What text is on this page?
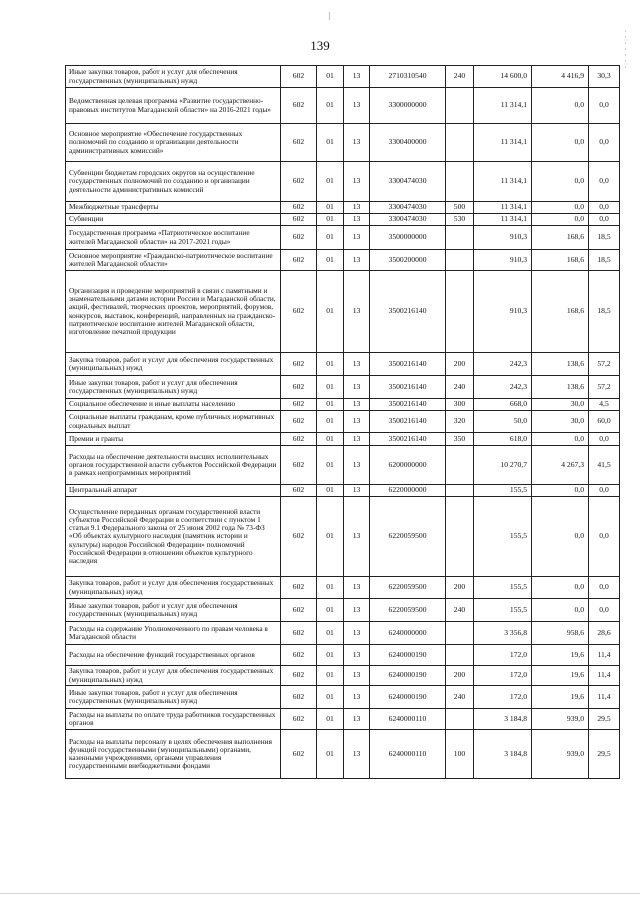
139
Иные закупки товаров, работ и услуг для обеспечения государственных (муниципальных) нужд	602	01	13	2710310540	240	14 600,0	4 416,9	30,3
Ведомственная целевая программа «Развитие государственно-правовых институтов Магаданской области» на 2016-2021 годы»	602	01	13	3300000000		11 314,1	0,0	0,0
Основное мероприятие «Обеспечение государственных полномочий по созданию и организации деятельности административных комиссий»	602	01	13	3300400000		11 314,1	0,0	0,0
Субвенции бюджетам городских округов на осуществление государственных полномочий по созданию и организации деятельности административных комиссий	602	01	13	3300474030		11 314,1	0,0	0,0
Межбюджетные трансферты	602	01	13	3300474030	500	11 314,1	0,0	0,0
Субвенции	602	01	13	3300474030	530	11 314,1	0,0	0,0
Государственная программа «Патриотическое воспитание жителей Магаданской области» на 2017-2021 годы»	602	01	13	3500000000		910,3	168,6	18,5
Основное мероприятие «Гражданско-патриотическое воспитание жителей Магаданской области»	602	01	13	3500200000		910,3	168,6	18,5
Организация и проведение мероприятий в связи с памятными и знаменательными датами истории России и Магаданской области, акций, фестивалей, творческих проектов, мероприятий, форумов, конкурсов, выставок, конференций, направленных на гражданско-патриотическое воспитание жителей Магаданской области, изготовление печатной продукции	602	01	13	3500216140		910,3	168,6	18,5
Закупка товаров, работ и услуг для обеспечения государственных (муниципальных) нужд	602	01	13	3500216140	200	242,3	138,6	57,2
Иные закупки товаров, работ и услуг для обеспечения государственных (муниципальных) нужд	602	01	13	3500216140	240	242,3	138,6	57,2
Социальное обеспечение и иные выплаты населению	602	01	13	3500216140	300	668,0	30,0	4,5
Социальные выплаты гражданам, кроме публичных нормативных социальных выплат	602	01	13	3500216140	320	50,0	30,0	60,0
Премии и гранты	602	01	13	3500216140	350	618,0	0,0	0,0
Расходы на обеспечение деятельности высших исполнительных органов государственной власти субъектов Российской Федерации в рамках непрограммных мероприятий	602	01	13	6200000000		10 270,7	4 267,3	41,5
Центральный аппарат	602	01	13	6220000000		155,5	0,0	0,0
Осуществление переданных органам государственной власти субъектов Российской Федерации в соответствии с пунктом 1 статьи 9.1 Федерального закона от 25 июня 2002 года № 73-ФЗ «Об объектах культурного наследия (памятник истории и культуры) народов Российской Федерации» полномочий Российской Федерации в отношении объектов культурного наследия	602	01	13	6220059500		155,5	0,0	0,0
Закупка товаров, работ и услуг для обеспечения государственных (муниципальных) нужд	602	01	13	6220059500	200	155,5	0,0	0,0
Иные закупки товаров, работ и услуг для обеспечения государственных (муниципальных) нужд	602	01	13	6220059500	240	155,5	0,0	0,0
Расходы на содержание Уполномоченного по правам человека в Магаданской области	602	01	13	6240000000		3 356,8	958,6	28,6
Расходы на обеспечение функций государственных органов	602	01	13	6240000190		172,0	19,6	11,4
Закупка товаров, работ и услуг для обеспечения государственных (муниципальных) нужд	602	01	13	6240000190	200	172,0	19,6	11,4
Иные закупки товаров, работ и услуг для обеспечения государственных (муниципальных) нужд	602	01	13	6240000190	240	172,0	19,6	11,4
Расходы на выплаты по оплате труда работников государственных органов	602	01	13	6240000110		3 184,8	939,0	29,5
Расходы на выплаты персоналу в целях обеспечения выполнения функций государственными (муниципальными) органами, казенными учреждениями, органами управления государственными внебюджетными фондами	602	01	13	6240000110	100	3 184,8	939,0	29,5
